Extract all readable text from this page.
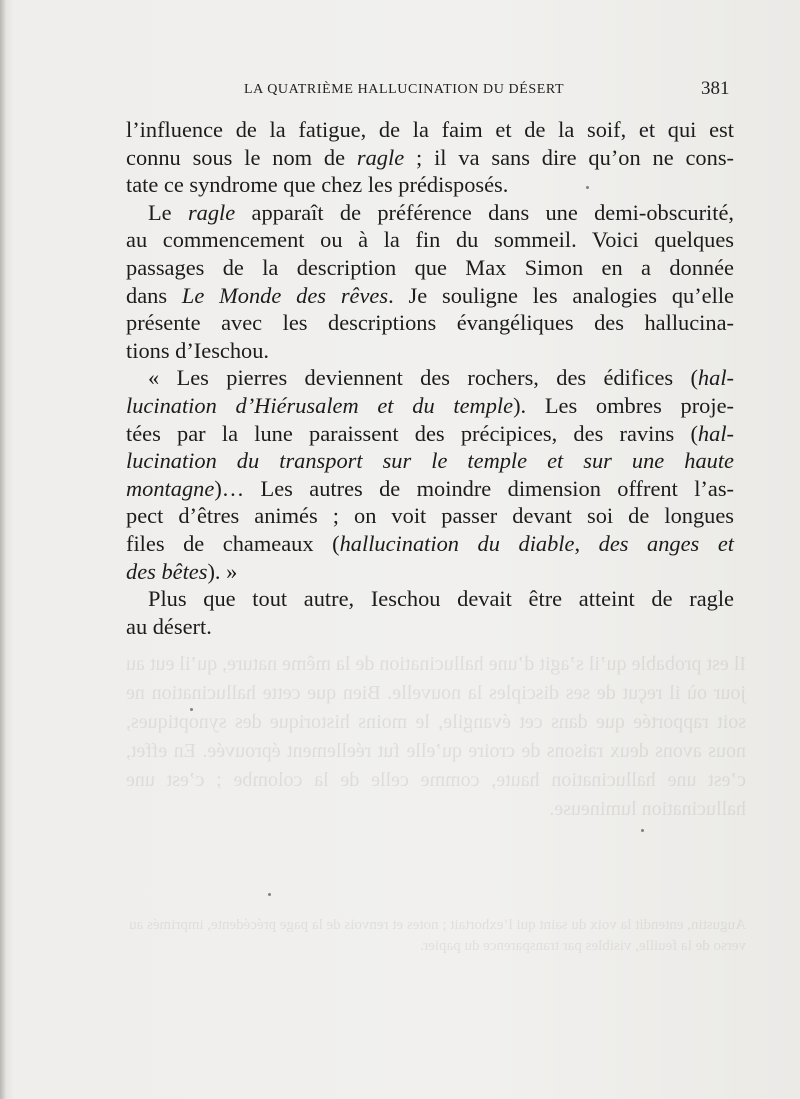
LA QUATRIÈME HALLUCINATION DU DÉSERT	381
l’influence de la fatigue, de la faim et de la soif, et qui est
connu sous le nom de ragle ; il va sans dire qu’on ne cons-
tate ce syndrome que chez les prédisposés.
Le ragle apparaît de préférence dans une demi-obscurité,
au commencement ou à la fin du sommeil. Voici quelques
passages de la description que Max Simon en a donnée
dans Le Monde des rêves. Je souligne les analogies qu’elle
présente avec les descriptions évangéliques des hallucina-
tions d’Ieschou.
« Les pierres deviennent des rochers, des édifices (hal-
lucination d’Hiérusalem et du temple). Les ombres proje-
tées par la lune paraissent des précipices, des ravins (hal-
lucination du transport sur le temple et sur une haute
montagne)… Les autres de moindre dimension offrent l’as-
pect d’êtres animés ; on voit passer devant soi de longues
files de chameaux (hallucination du diable, des anges et
des bêtes). »
Plus que tout autre, Ieschou devait être atteint de ragle
au désert.
Il est probable qu’il s’agit d’une hallucination de la même nature, qu’il eut au jour où il reçut de ses disciples la nouvelle. Bien que cette hallucination ne soit rapportée que dans cet évangile, le moins historique des synoptiques, nous avons deux raisons de croire qu’elle fut réellement éprouvée. En effet, c’est une hallucination haute, comme celle de la colombe ; c’est une hallucination lumineuse.
Augustin, entendit la voix du saint qui l’exhortait ; notes et renvois de la page précédente, imprimés au verso de la feuille, visibles par transparence du papier.
